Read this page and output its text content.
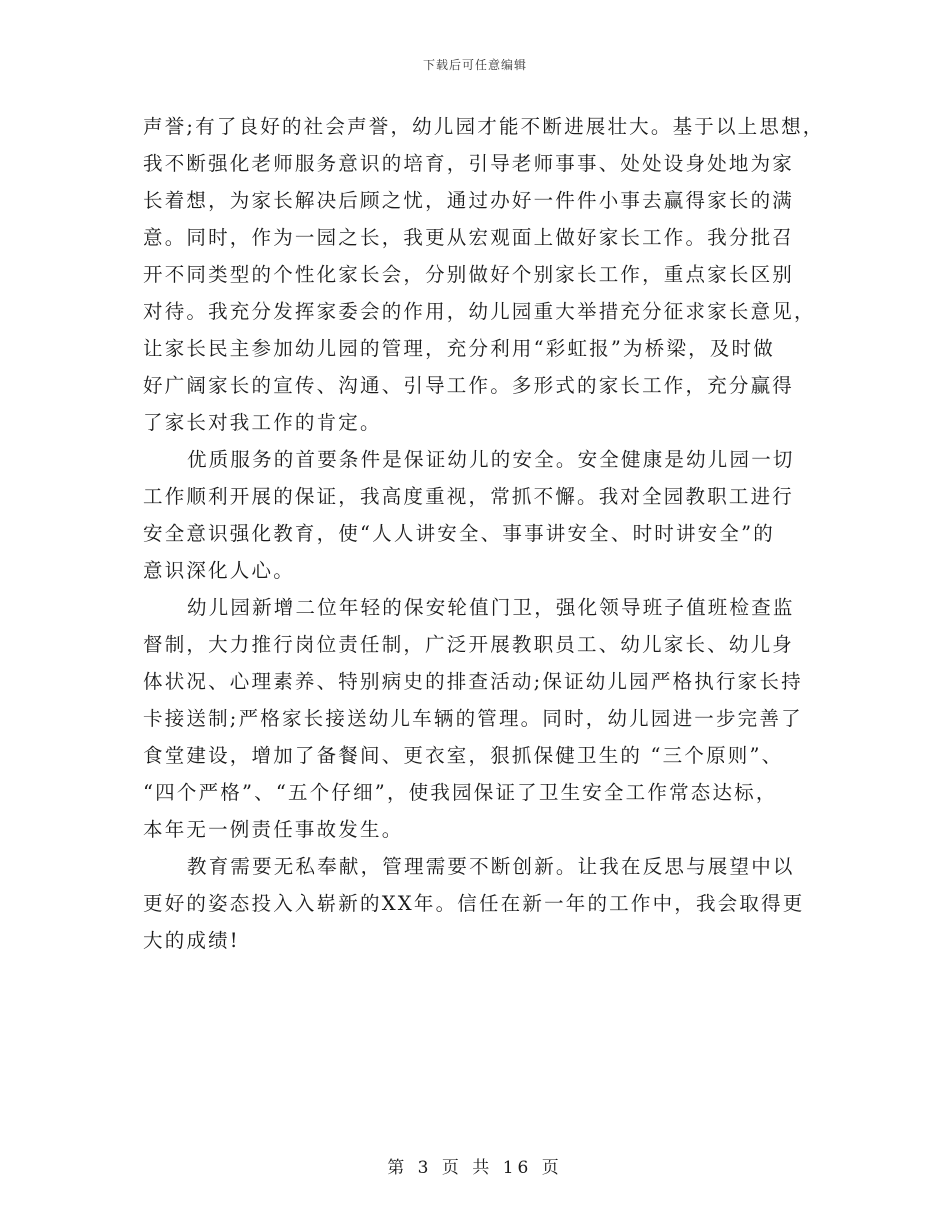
下载后可任意编辑
声誉;有了良好的社会声誉，幼儿园才能不断进展壮大。基于以上思想，
我不断强化老师服务意识的培育，引导老师事事、处处设身处地为家
长着想，为家长解决后顾之忧，通过办好一件件小事去赢得家长的满
意。同时，作为一园之长，我更从宏观面上做好家长工作。我分批召
开不同类型的个性化家长会，分别做好个别家长工作，重点家长区别
对待。我充分发挥家委会的作用，幼儿园重大举措充分征求家长意见，
让家长民主参加幼儿园的管理，充分利用“彩虹报”为桥梁，及时做
好广阔家长的宣传、沟通、引导工作。多形式的家长工作，充分赢得
了家长对我工作的肯定。
优质服务的首要条件是保证幼儿的安全。安全健康是幼儿园一切
工作顺利开展的保证，我高度重视，常抓不懈。我对全园教职工进行
安全意识强化教育，使“人人讲安全、事事讲安全、时时讲安全”的
意识深化人心。
幼儿园新增二位年轻的保安轮值门卫，强化领导班子值班检查监
督制，大力推行岗位责任制，广泛开展教职员工、幼儿家长、幼儿身
体状况、心理素养、特别病史的排查活动;保证幼儿园严格执行家长持
卡接送制;严格家长接送幼儿车辆的管理。同时，幼儿园进一步完善了
食堂建设，增加了备餐间、更衣室，狠抓保健卫生的 “三个原则”、
“四个严格”、“五个仔细”，使我园保证了卫生安全工作常态达标，
本年无一例责任事故发生。
教育需要无私奉献，管理需要不断创新。让我在反思与展望中以
更好的姿态投入入崭新的XX年。信任在新一年的工作中，我会取得更
大的成绩!
第 3 页 共 16 页
